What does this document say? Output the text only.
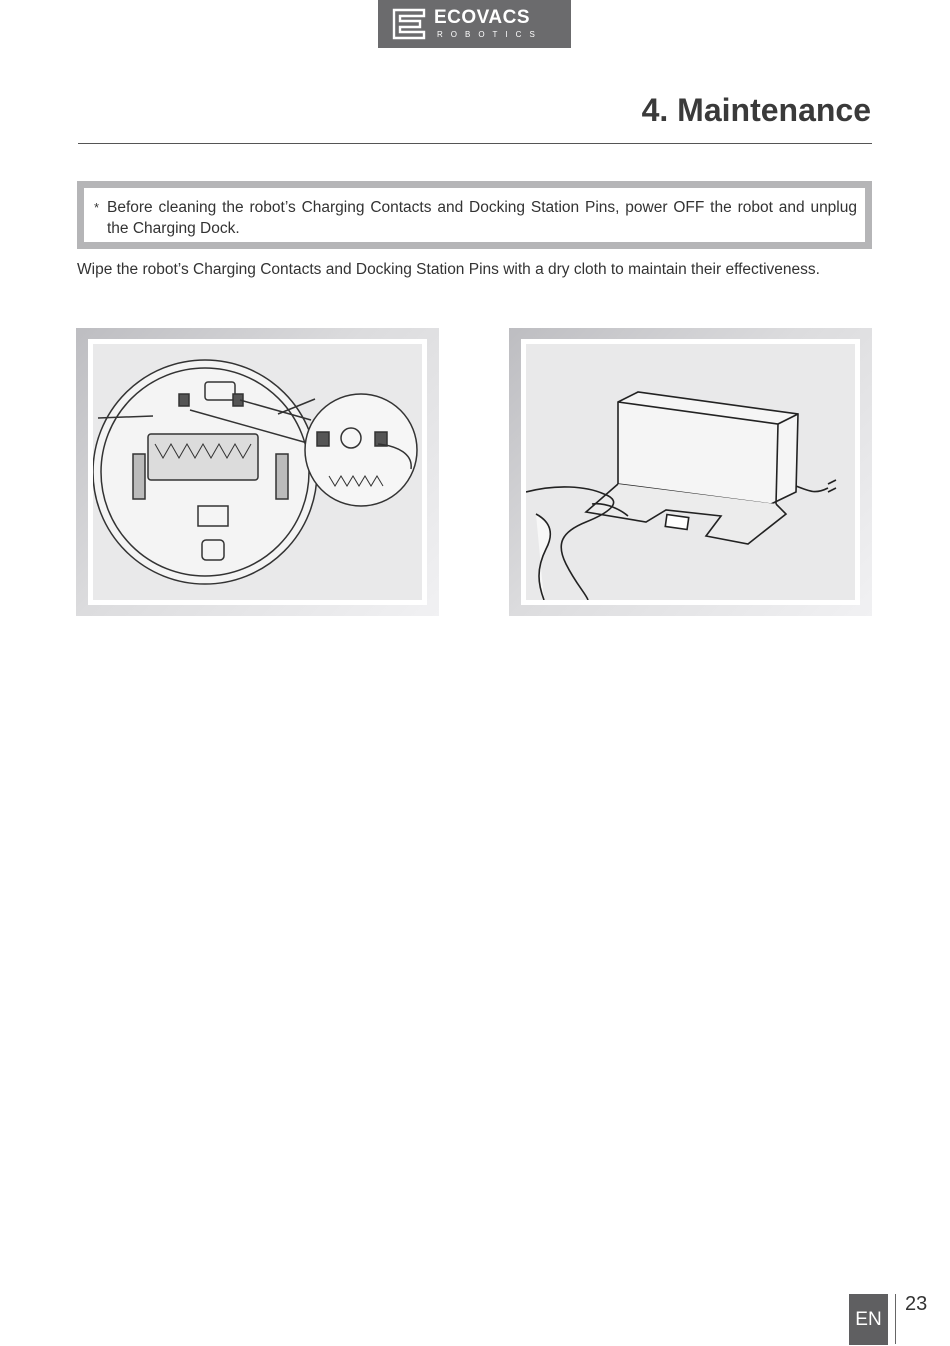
ECOVACS
ROBOTICS
4. Maintenance
* Before cleaning the robot’s Charging Contacts and Docking Station Pins, power OFF the robot and unplug the Charging Dock.

Wipe the robot’s Charging Contacts and Docking Station Pins with a dry cloth to maintain their effectiveness.

EN
23
